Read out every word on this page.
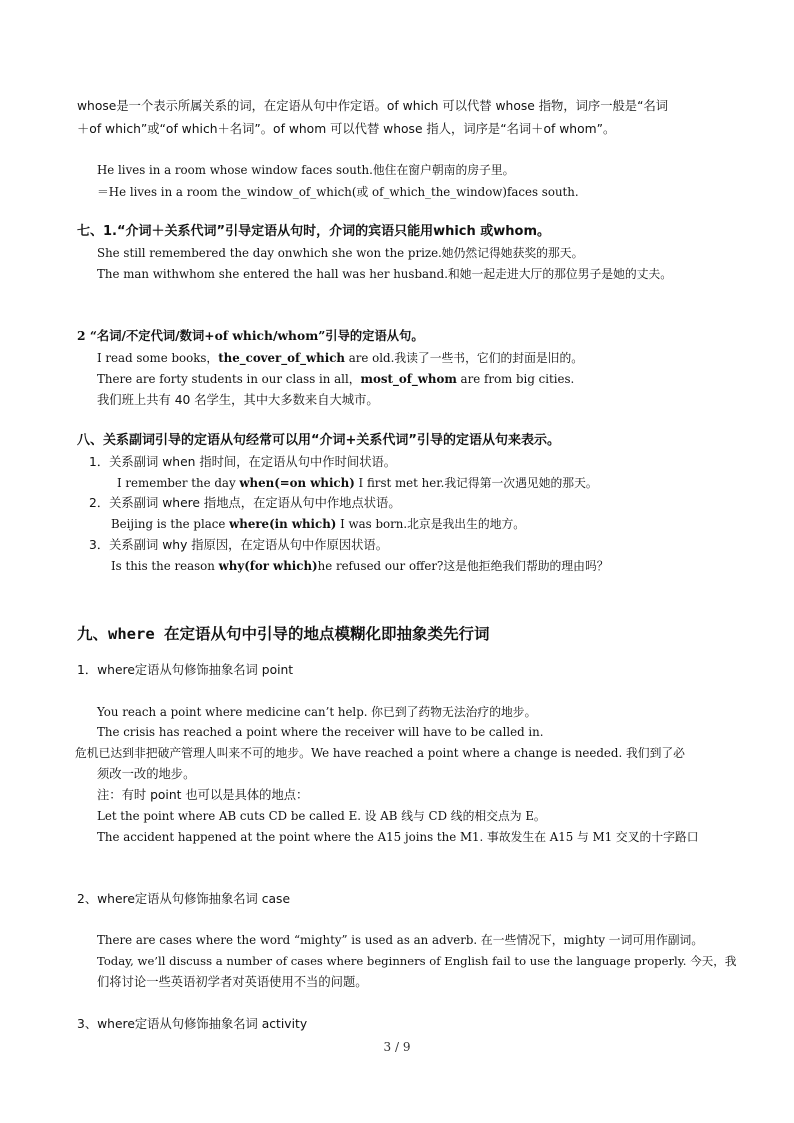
whose是一个表示所属关系的词，在定语从句中作定语。of which 可以代替 whose 指物，词序一般是“名词
＋of which”或“of which＋名词”。of whom 可以代替 whose 指人，词序是“名词＋of whom”。
He lives in a room whose window faces south.他住在窗户朝南的房子里。
＝He lives in a room the_window_of_which(或 of_which_the_window)faces south.
七、1.“介词＋关系代词”引导定语从句时，介词的宾语只能用which 或whom。
She still remembered the day onwhich she won the prize.她仍然记得她获奖的那天。
The man withwhom she entered the hall was her husband.和她一起走进大厅的那位男子是她的丈夫。
2 “名词/不定代词/数词+of which/whom”引导的定语从句。
I read some books，the_cover_of_which are old.我读了一些书，它们的封面是旧的。
There are forty students in our class in all，most_of_whom are from big cities.
我们班上共有 40 名学生，其中大多数来自大城市。
八、关系副词引导的定语从句经常可以用“介词+关系代词”引导的定语从句来表示。
1．关系副词 when 指时间，在定语从句中作时间状语。
I remember the day when(=on which) I first met her.我记得第一次遇见她的那天。
2．关系副词 where 指地点，在定语从句中作地点状语。
Beijing is the place where(in which) I was born.北京是我出生的地方。
3．关系副词 why 指原因，在定语从句中作原因状语。
Is this the reason why(for which)he refused our offer?这是他拒绝我们帮助的理由吗？
九、where 在定语从句中引导的地点模糊化即抽象类先行词
1．where定语从句修饰抽象名词 point
You reach a point where medicine can’t help. 你已到了药物无法治疗的地步。
The crisis has reached a point where the receiver will have to be called in.
危机已达到非把破产管理人叫来不可的地步。We have reached a point where a change is needed. 我们到了必
须改一改的地步。
注：有时 point 也可以是具体的地点：
Let the point where AB cuts CD be called E. 设 AB 线与 CD 线的相交点为 E。
The accident happened at the point where the A15 joins the M1. 事故发生在 A15 与 M1 交叉的十字路口
2、where定语从句修饰抽象名词 case
There are cases where the word “mighty” is used as an adverb. 在一些情况下，mighty 一词可用作副词。
Today, we’ll discuss a number of cases where beginners of English fail to use the language properly. 今天，我
们将讨论一些英语初学者对英语使用不当的问题。
3、where定语从句修饰抽象名词 activity
3 / 9
